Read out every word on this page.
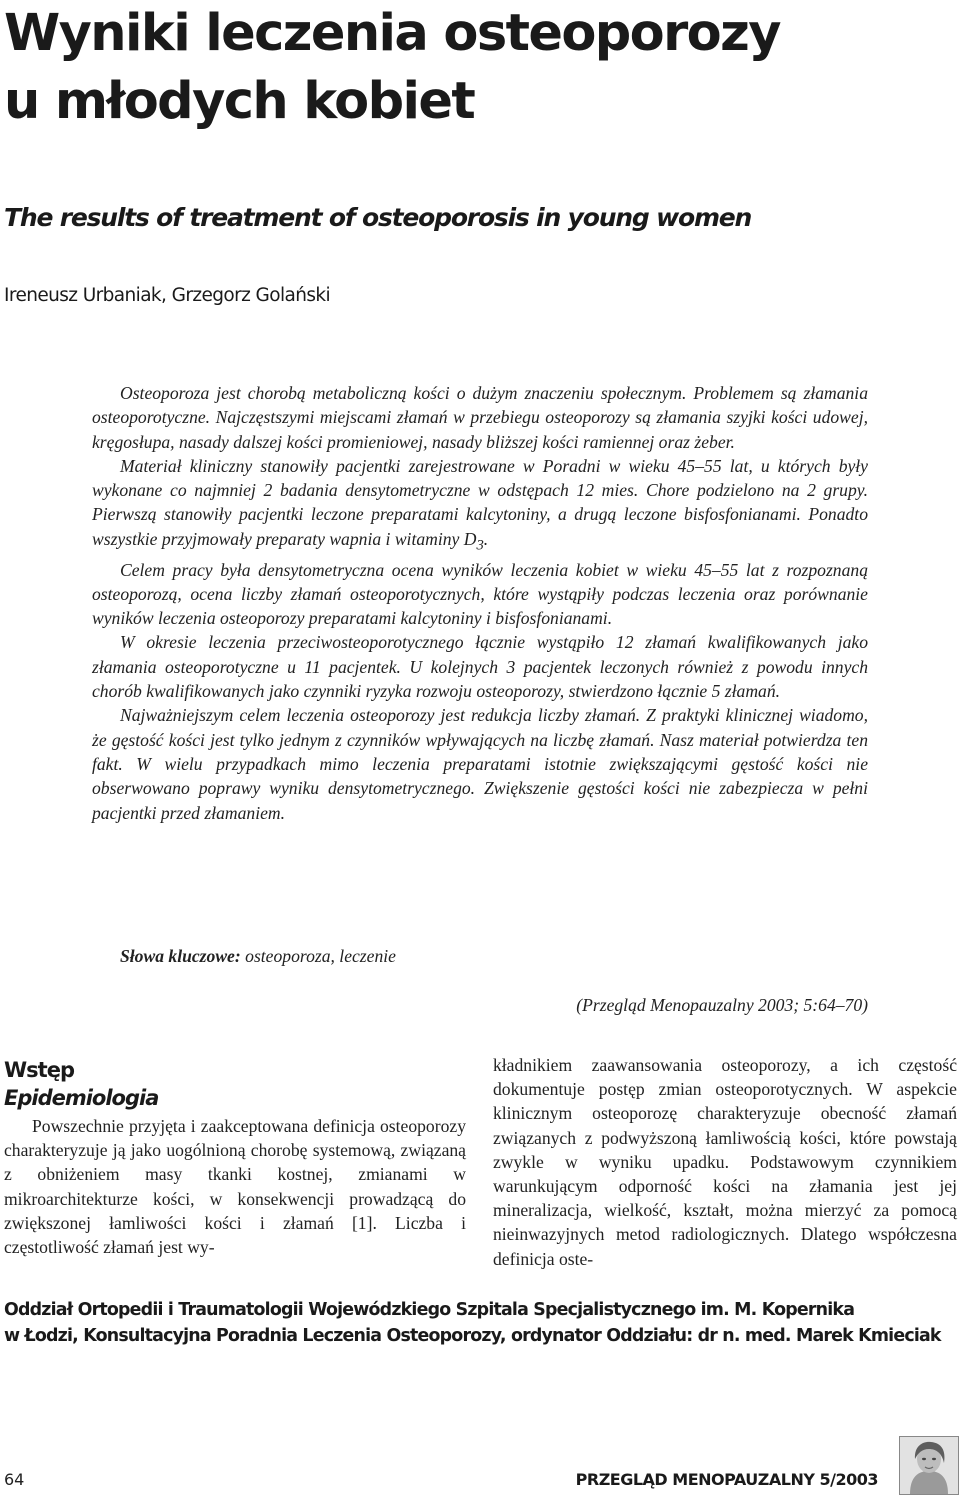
Wyniki leczenia osteoporozy
u młodych kobiet
The results of treatment of osteoporosis in young women

Ireneusz Urbaniak, Grzegorz Golański

Osteoporoza jest chorobą metaboliczną kości o dużym znaczeniu społecznym. Problemem są złamania osteoporotyczne. Najczęstszymi miejscami złamań w przebiegu osteoporozy są złamania szyjki kości udowej, kręgosłupa, nasady dalszej kości promieniowej, nasady bliższej kości ramiennej oraz żeber.

Materiał kliniczny stanowiły pacjentki zarejestrowane w Poradni w wieku 45–55 lat, u których były wykonane co najmniej 2 badania densytometryczne w odstępach 12 mies. Chore podzielono na 2 grupy. Pierwszą stanowiły pacjentki leczone preparatami kalcytoniny, a drugą leczone bisfosfonianami. Ponadto wszystkie przyjmowały preparaty wapnia i witaminy $D_3$.

Celem pracy była densytometryczna ocena wyników leczenia kobiet w wieku 45–55 lat z rozpoznaną osteoporozą, ocena liczby złamań osteoporotycznych, które wystąpiły podczas leczenia oraz porównanie wyników leczenia osteoporozy preparatami kalcytoniny i bisfosfonianami.

W okresie leczenia przeciwosteoporotycznego łącznie wystąpiło 12 złamań kwalifikowanych jako złamania osteoporotyczne u 11 pacjentek. U kolejnych 3 pacjentek leczonych również z powodu innych chorób kwalifikowanych jako czynniki ryzyka rozwoju osteoporozy, stwierdzono łącznie 5 złamań.

Najważniejszym celem leczenia osteoporozy jest redukcja liczby złamań. Z praktyki klinicznej wiadomo, że gęstość kości jest tylko jednym z czynników wpływających na liczbę złamań. Nasz materiał potwierdza ten fakt. W wielu przypadkach mimo leczenia preparatami istotnie zwiększającymi gęstość kości nie obserwowano poprawy wyniku densytometrycznego. Zwiększenie gęstości kości nie zabezpiecza w pełni pacjentki przed złamaniem.

Słowa kluczowe: osteoporoza, leczenie
(Przegląd Menopauzalny 2003; 5:64–70)
Wstęp
Epidemiologia

Powszechnie przyjęta i zaakceptowana definicja osteoporozy charakteryzuje ją jako uogólnioną chorobę systemową, związaną z obniżeniem masy tkanki kostnej, zmianami w mikroarchitekturze kości, w konsekwencji prowadzącą do zwiększonej łamliwości kości i złamań [1]. Liczba i częstotliwość złamań jest wy-

kładnikiem zaawansowania osteoporozy, a ich częstość dokumentuje postęp zmian osteoporotycznych. W aspekcie klinicznym osteoporozę charakteryzuje obecność złamań związanych z podwyższoną łamliwością kości, które powstają zwykle w wyniku upadku. Podstawowym czynnikiem warunkującym odporność kości na złamania jest jej mineralizacja, wielkość, kształt, można mierzyć za pomocą nieinwazyjnych metod radiologicznych. Dlatego współczesna definicja oste-

Oddział Ortopedii i Traumatologii Wojewódzkiego Szpitala Specjalistycznego im. M. Kopernika
w Łodzi, Konsultacyjna Poradnia Leczenia Osteoporozy, ordynator Oddziału: dr n. med. Marek Kmieciak
64	PRZEGLĄD MENOPAUZALNY 5/2003
